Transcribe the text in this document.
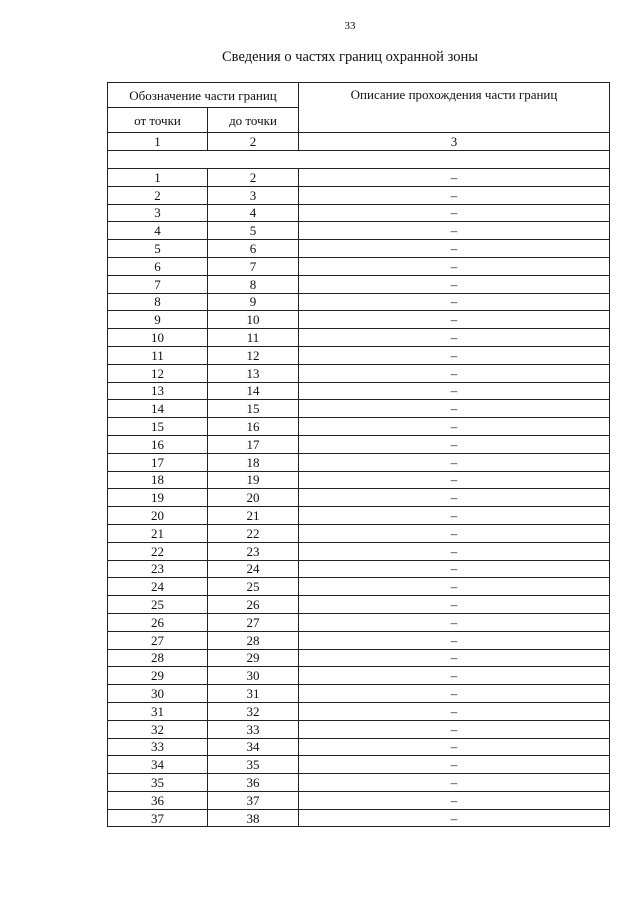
33
Сведения о частях границ охранной зоны
Обозначение части границ		Описание прохождения части границ
от точки	до точки	
1	2	3

1	2	–
2	3	–
3	4	–
4	5	–
5	6	–
6	7	–
7	8	–
8	9	–
9	10	–
10	11	–
11	12	–
12	13	–
13	14	–
14	15	–
15	16	–
16	17	–
17	18	–
18	19	–
19	20	–
20	21	–
21	22	–
22	23	–
23	24	–
24	25	–
25	26	–
26	27	–
27	28	–
28	29	–
29	30	–
30	31	–
31	32	–
32	33	–
33	34	–
34	35	–
35	36	–
36	37	–
37	38	–
